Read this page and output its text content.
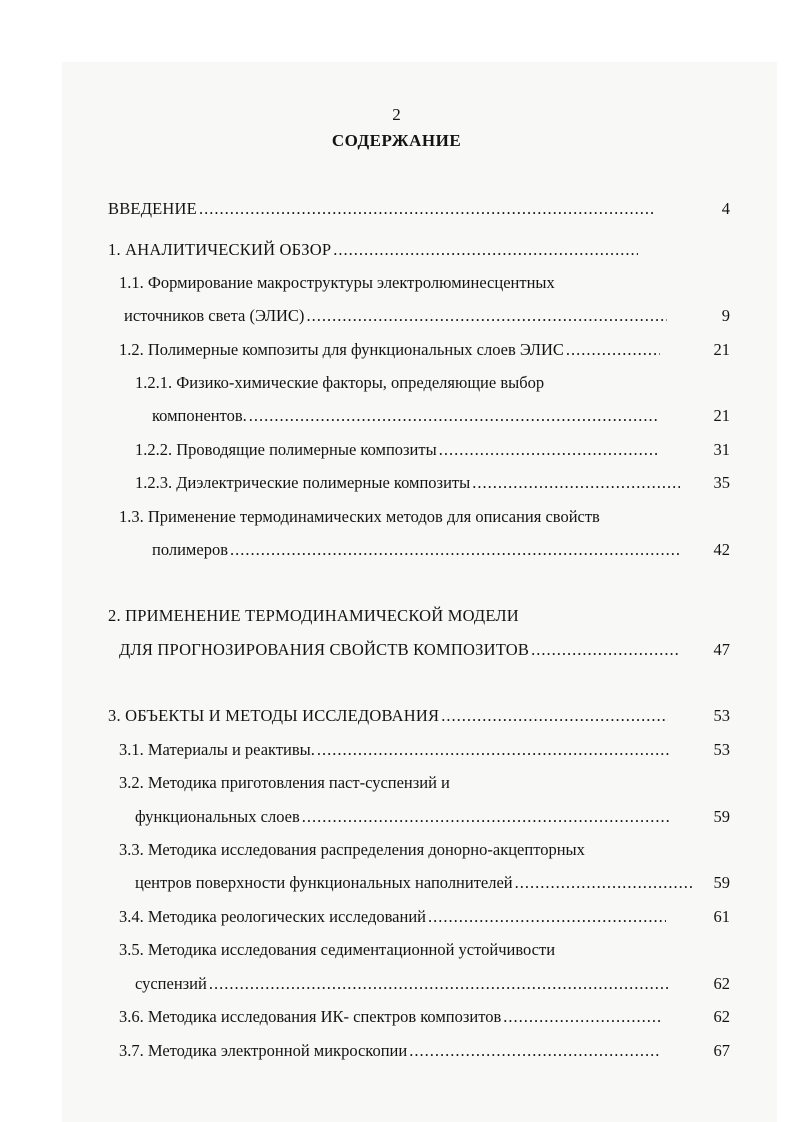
2
СОДЕРЖАНИЕ
ВВЕДЕНИЕ .....	4
1. АНАЛИТИЧЕСКИЙ ОБЗОР
.....
1.1. Формирование макроструктуры электролюминесцентных
источников света (ЭЛИС) .....	9
1.2. Полимерные композиты для функциональных слоев ЭЛИС .....	21
1.2.1. Физико-химические факторы, определяющие выбор
компонентов. .....	21
1.2.2. Проводящие полимерные композиты .....	31
1.2.3. Диэлектрические полимерные композиты .....	35
1.3. Применение термодинамических методов для описания свойств
полимеров .....	42
2. ПРИМЕНЕНИЕ ТЕРМОДИНАМИЧЕСКОЙ МОДЕЛИ
ДЛЯ ПРОГНОЗИРОВАНИЯ СВОЙСТВ КОМПОЗИТОВ .....	47
3. ОБЪЕКТЫ И МЕТОДЫ ИССЛЕДОВАНИЯ .....	53
3.1. Материалы и реактивы. .....	53
3.2. Методика приготовления паст-суспензий и
функциональных слоев .....	59
3.3. Методика исследования распределения донорно-акцепторных
центров поверхности функциональных наполнителей .....	59
3.4. Методика реологических исследований .....	61
3.5. Методика исследования седиментационной устойчивости
суспензий .....	62
3.6. Методика исследования ИК- спектров композитов .....	62
3.7. Методика электронной микроскопии .....	67
